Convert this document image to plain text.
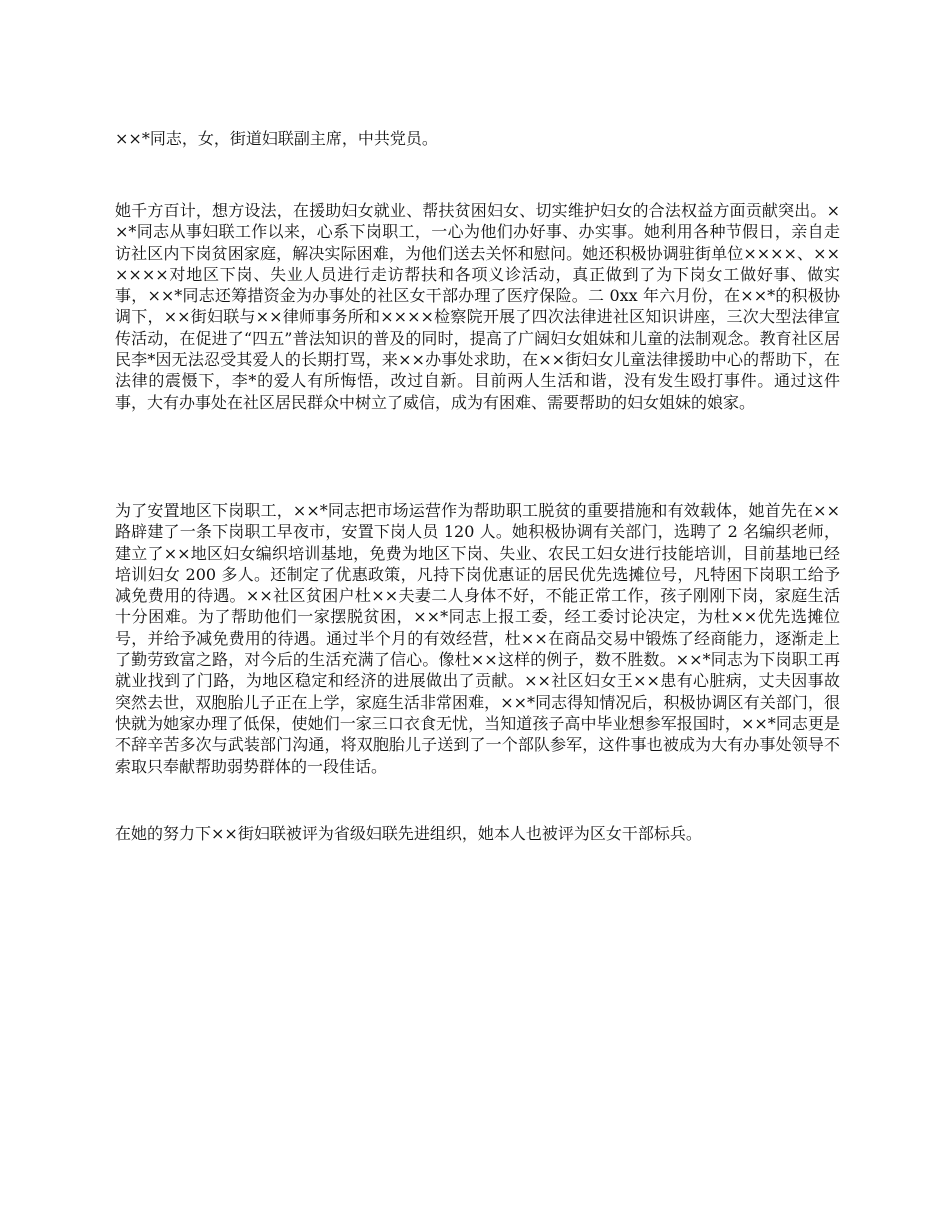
××*同志，女，街道妇联副主席，中共党员。

她千方百计，想方设法，在援助妇女就业、帮扶贫困妇女、切实维护妇女的合法权益方面贡献突出。××*同志从事妇联工作以来，心系下岗职工，一心为他们办好事、办实事。她利用各种节假日，亲自走访社区内下岗贫困家庭，解决实际困难，为他们送去关怀和慰问。她还积极协调驻街单位××××、××××××对地区下岗、失业人员进行走访帮扶和各项义诊活动，真正做到了为下岗女工做好事、做实事，××*同志还筹措资金为办事处的社区女干部办理了医疗保险。二 0xx 年六月份，在××*的积极协调下，××街妇联与××律师事务所和××××检察院开展了四次法律进社区知识讲座，三次大型法律宣传活动，在促进了“四五”普法知识的普及的同时，提高了广阔妇女姐妹和儿童的法制观念。教育社区居民李*因无法忍受其爱人的长期打骂，来××办事处求助，在××街妇女儿童法律援助中心的帮助下，在法律的震慑下，李*的爱人有所悔悟，改过自新。目前两人生活和谐，没有发生殴打事件。通过这件事，大有办事处在社区居民群众中树立了威信，成为有困难、需要帮助的妇女姐妹的娘家。

为了安置地区下岗职工，××*同志把市场运营作为帮助职工脱贫的重要措施和有效载体，她首先在××路辟建了一条下岗职工早夜市，安置下岗人员 120 人。她积极协调有关部门，选聘了 2 名编织老师，建立了××地区妇女编织培训基地，免费为地区下岗、失业、农民工妇女进行技能培训，目前基地已经培训妇女 200 多人。还制定了优惠政策，凡持下岗优惠证的居民优先选摊位号，凡特困下岗职工给予减免费用的待遇。××社区贫困户杜××夫妻二人身体不好，不能正常工作，孩子刚刚下岗，家庭生活十分困难。为了帮助他们一家摆脱贫困，××*同志上报工委，经工委讨论决定，为杜××优先选摊位号，并给予减免费用的待遇。通过半个月的有效经营，杜××在商品交易中锻炼了经商能力，逐渐走上了勤劳致富之路，对今后的生活充满了信心。像杜××这样的例子，数不胜数。××*同志为下岗职工再就业找到了门路，为地区稳定和经济的进展做出了贡献。××社区妇女王××患有心脏病，丈夫因事故突然去世，双胞胎儿子正在上学，家庭生活非常困难，××*同志得知情况后，积极协调区有关部门，很快就为她家办理了低保，使她们一家三口衣食无忧，当知道孩子高中毕业想参军报国时，××*同志更是不辞辛苦多次与武装部门沟通，将双胞胎儿子送到了一个部队参军，这件事也被成为大有办事处领导不索取只奉献帮助弱势群体的一段佳话。

在她的努力下××街妇联被评为省级妇联先进组织，她本人也被评为区女干部标兵。
